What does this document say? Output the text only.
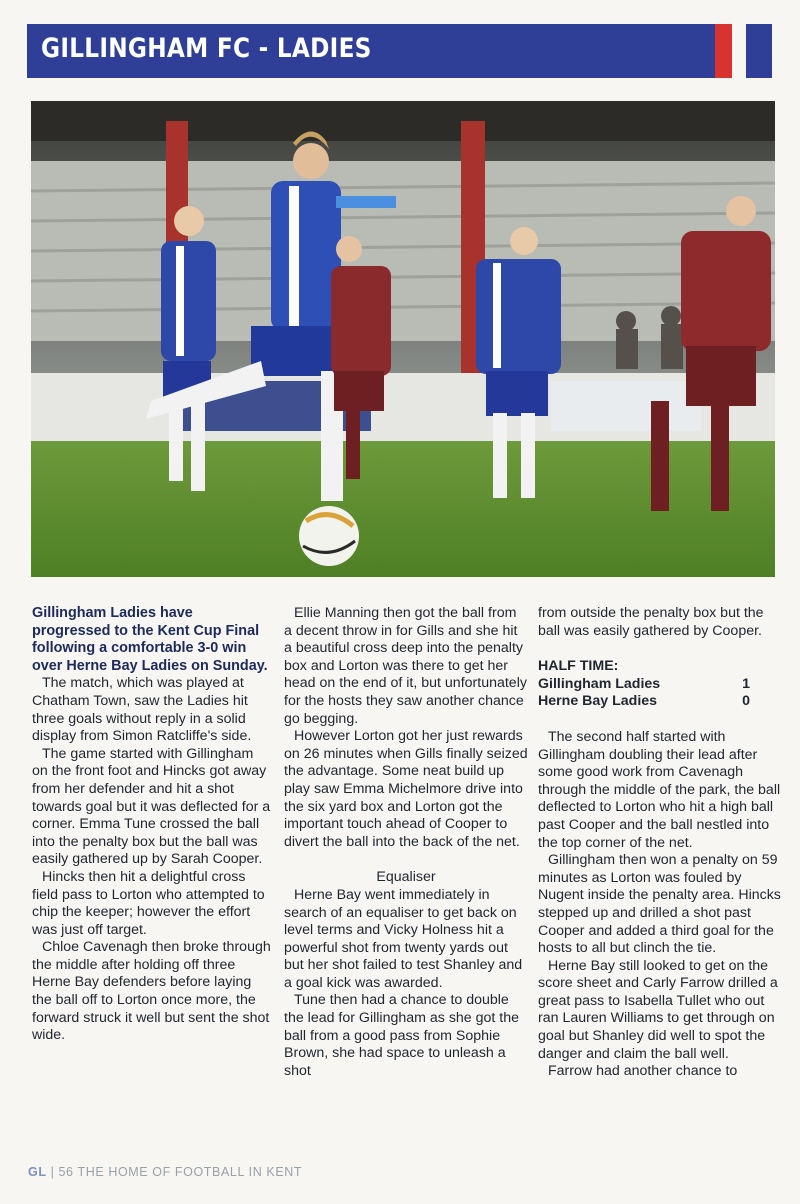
GILLINGHAM FC - LADIES

Gillingham Ladies have progressed to the Kent Cup Final following a comfortable 3-0 win over Herne Bay Ladies on Sunday.

The match, which was played at Chatham Town, saw the Ladies hit three goals without reply in a solid display from Simon Ratcliffe's side.

The game started with Gillingham on the front foot and Hincks got away from her defender and hit a shot towards goal but it was deflected for a corner. Emma Tune crossed the ball into the penalty box but the ball was easily gathered up by Sarah Cooper.

Hincks then hit a delightful cross field pass to Lorton who attempted to chip the keeper; however the effort was just off target.

Chloe Cavenagh then broke through the middle after holding off three Herne Bay defenders before laying the ball off to Lorton once more, the forward struck it well but sent the shot wide.

Ellie Manning then got the ball from a decent throw in for Gills and she hit a beautiful cross deep into the penalty box and Lorton was there to get her head on the end of it, but unfortunately for the hosts they saw another chance go begging.

However Lorton got her just rewards on 26 minutes when Gills finally seized the advantage. Some neat build up play saw Emma Michelmore drive into the six yard box and Lorton got the important touch ahead of Cooper to divert the ball into the back of the net.

Equaliser

Herne Bay went immediately in search of an equaliser to get back on level terms and Vicky Holness hit a powerful shot from twenty yards out but her shot failed to test Shanley and a goal kick was awarded.

Tune then had a chance to double the lead for Gillingham as she got the ball from a good pass from Sophie Brown, she had space to unleash a shot

from outside the penalty box but the ball was easily gathered by Cooper.

HALF TIME:

Gillingham Ladies	1
Herne Bay Ladies	0

The second half started with Gillingham doubling their lead after some good work from Cavenagh through the middle of the park, the ball deflected to Lorton who hit a high ball past Cooper and the ball nestled into the top corner of the net.

Gillingham then won a penalty on 59 minutes as Lorton was fouled by Nugent inside the penalty area. Hincks stepped up and drilled a shot past Cooper and added a third goal for the hosts to all but clinch the tie.

Herne Bay still looked to get on the score sheet and Carly Farrow drilled a great pass to Isabella Tullet who out ran Lauren Williams to get through on goal but Shanley did well to spot the danger and claim the ball well.

Farrow had another chance to

GL | 56 THE HOME OF FOOTBALL IN KENT
